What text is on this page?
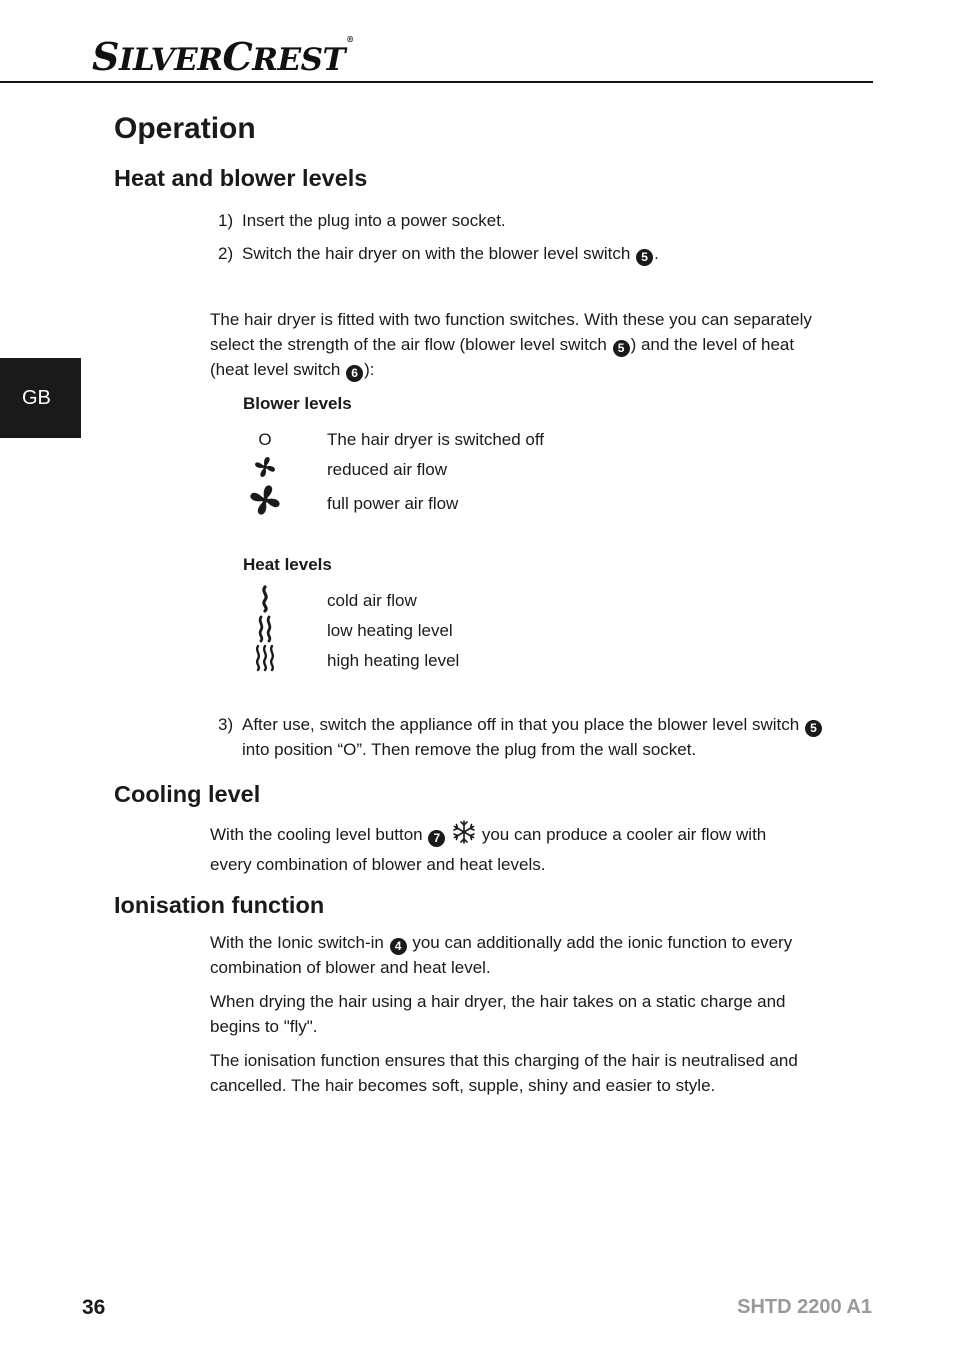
SILVERCREST®
GB
Operation
Heat and blower levels
1) Insert the plug into a power socket.
2) Switch the hair dryer on with the blower level switch 5 .
The hair dryer is fitted with two function switches. With these you can separately
select the strength of the air flow (blower level switch 5 ) and the level of heat
(heat level switch 6 ):
Blower levels
O	The hair dryer is switched off
reduced air flow
full power air flow
Heat levels
cold air flow
low heating level
high heating level
3) After use, switch the appliance off in that you place the blower level switch 5
into position “O”. Then remove the plug from the wall socket.
Cooling level
With the cooling level button 7 you can produce a cooler air flow with
every combination of blower and heat levels.
Ionisation function
With the Ionic switch-in 4 you can additionally add the ionic function to every
combination of blower and heat level.
When drying the hair using a hair dryer, the hair takes on a static charge and
begins to "fly".
The ionisation function ensures that this charging of the hair is neutralised and
cancelled. The hair becomes soft, supple, shiny and easier to style.
36	SHTD 2200 A1
